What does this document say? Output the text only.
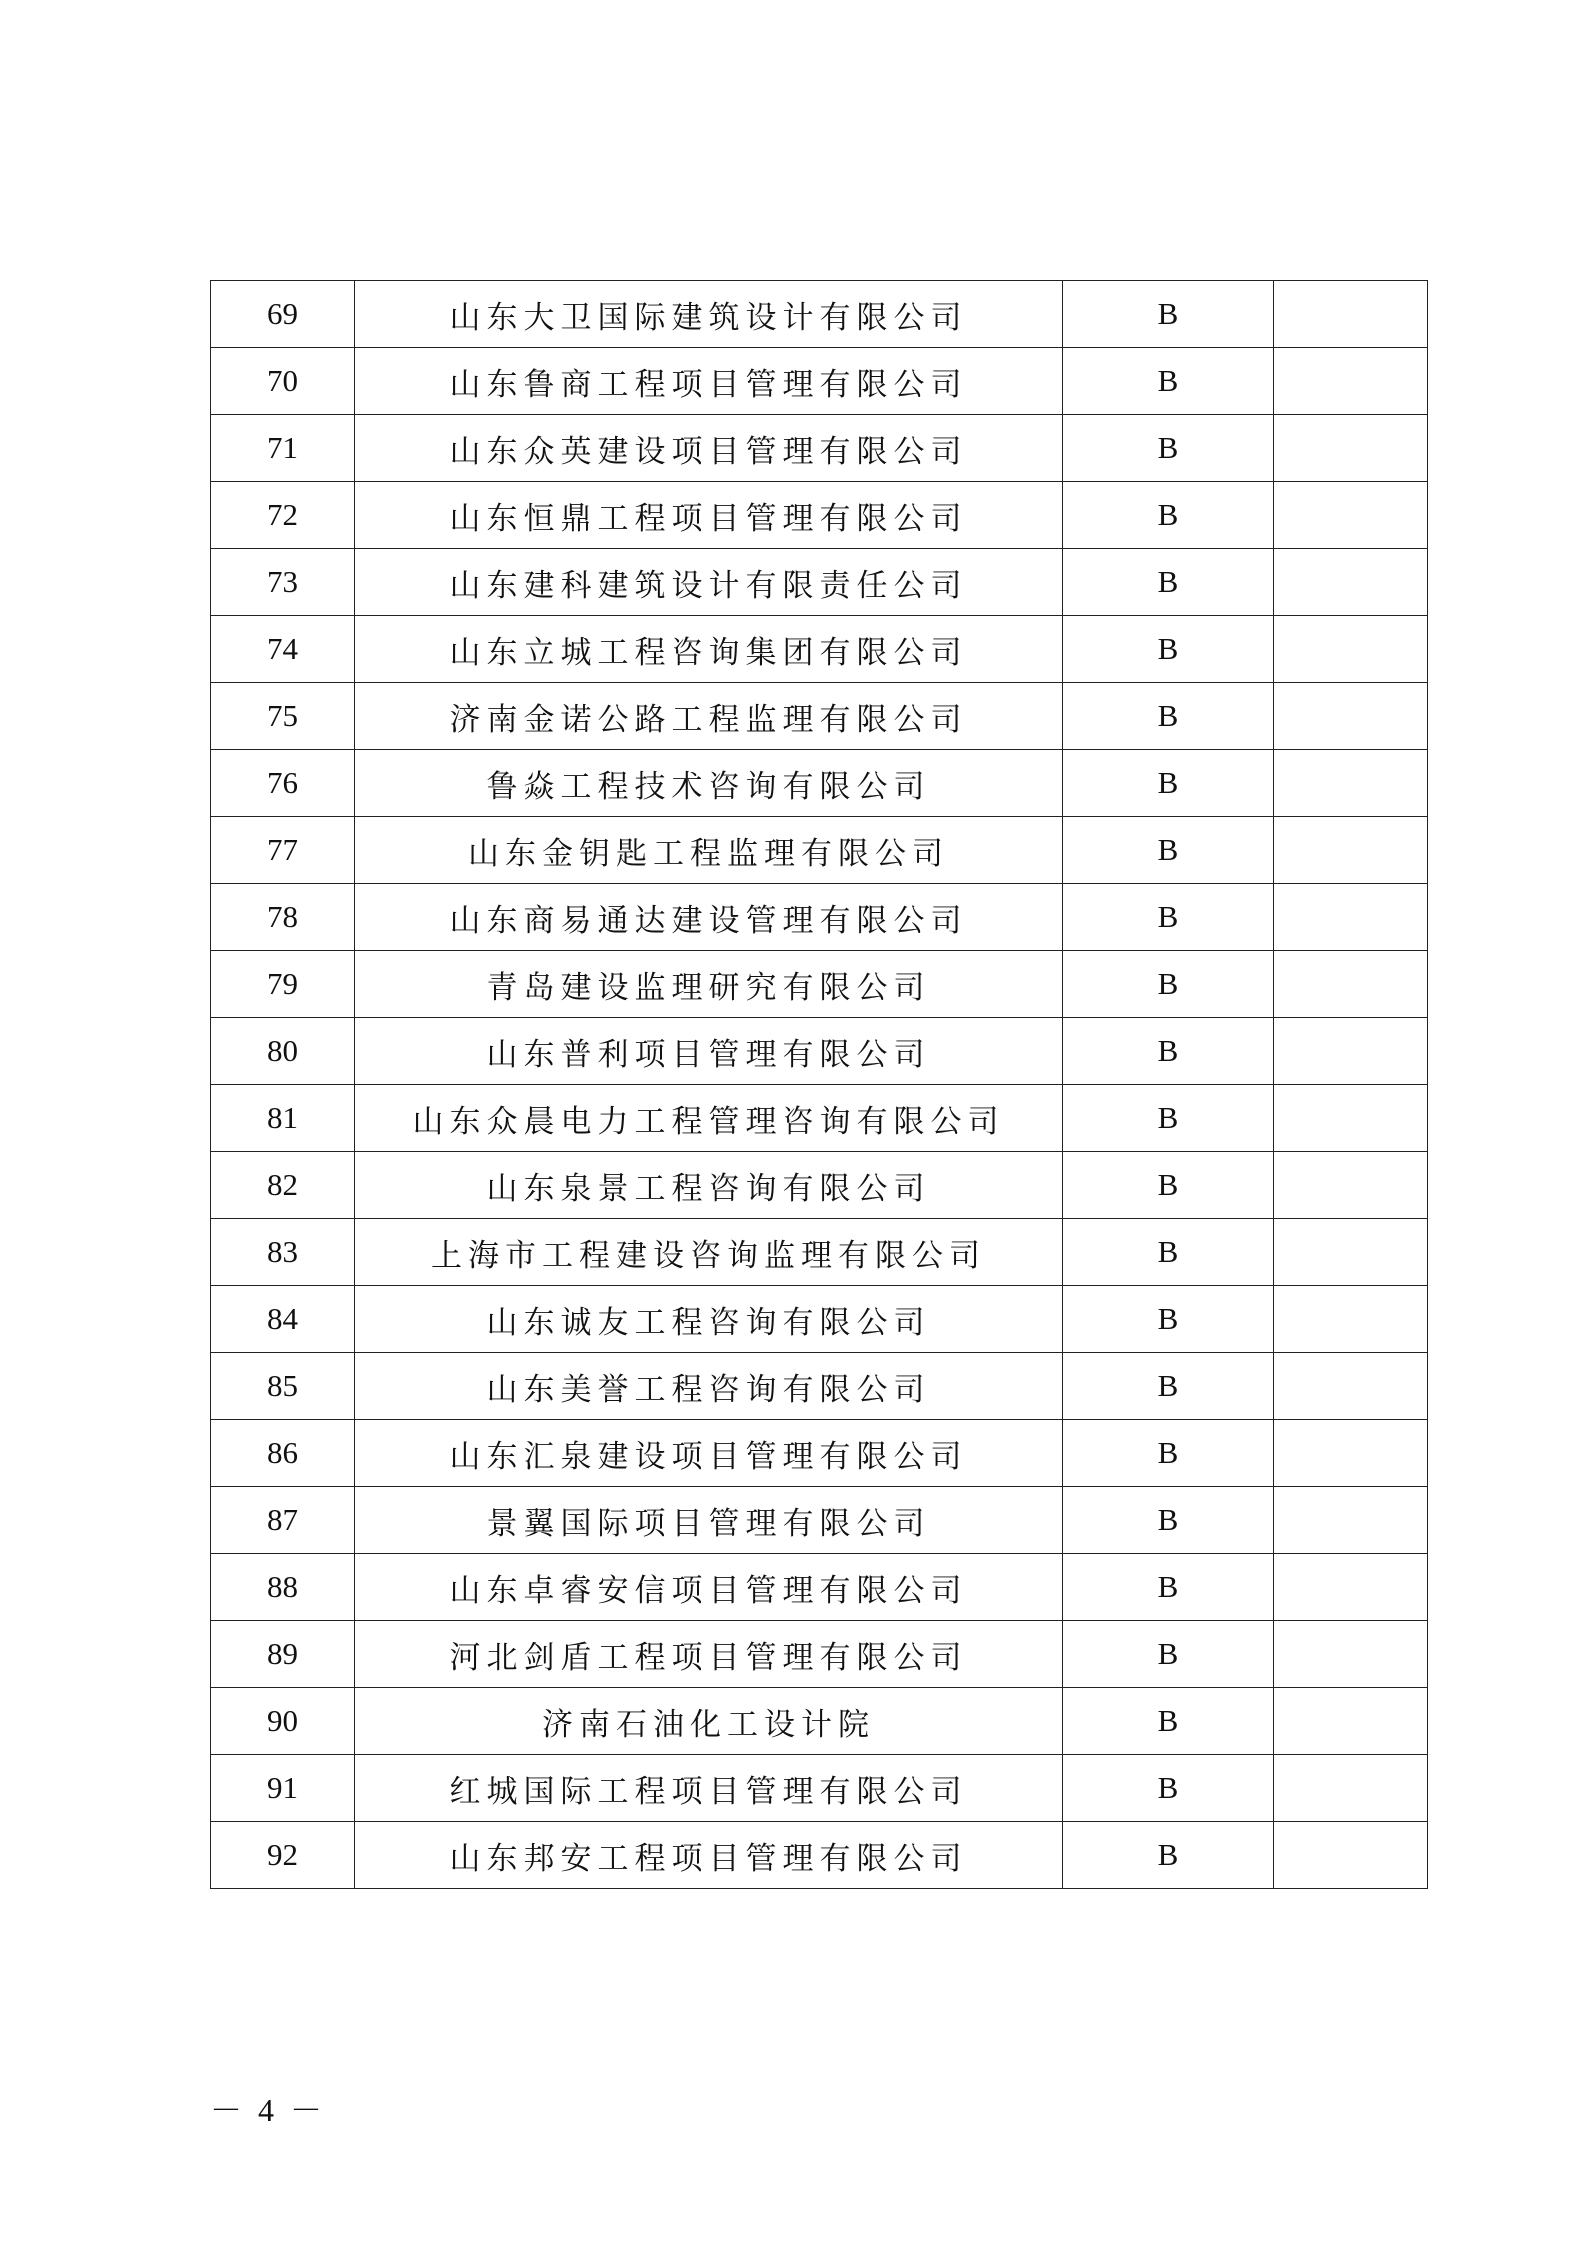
69	山东大卫国际建筑设计有限公司	B	
70	山东鲁商工程项目管理有限公司	B	
71	山东众英建设项目管理有限公司	B	
72	山东恒鼎工程项目管理有限公司	B	
73	山东建科建筑设计有限责任公司	B	
74	山东立城工程咨询集团有限公司	B	
75	济南金诺公路工程监理有限公司	B	
76	鲁焱工程技术咨询有限公司	B	
77	山东金钥匙工程监理有限公司	B	
78	山东商易通达建设管理有限公司	B	
79	青岛建设监理研究有限公司	B	
80	山东普利项目管理有限公司	B	
81	山东众晨电力工程管理咨询有限公司	B	
82	山东泉景工程咨询有限公司	B	
83	上海市工程建设咨询监理有限公司	B	
84	山东诚友工程咨询有限公司	B	
85	山东美誉工程咨询有限公司	B	
86	山东汇泉建设项目管理有限公司	B	
87	景翼国际项目管理有限公司	B	
88	山东卓睿安信项目管理有限公司	B	
89	河北剑盾工程项目管理有限公司	B	
90	济南石油化工设计院	B	
91	红城国际工程项目管理有限公司	B	
92	山东邦安工程项目管理有限公司	B	
－ 4 －
